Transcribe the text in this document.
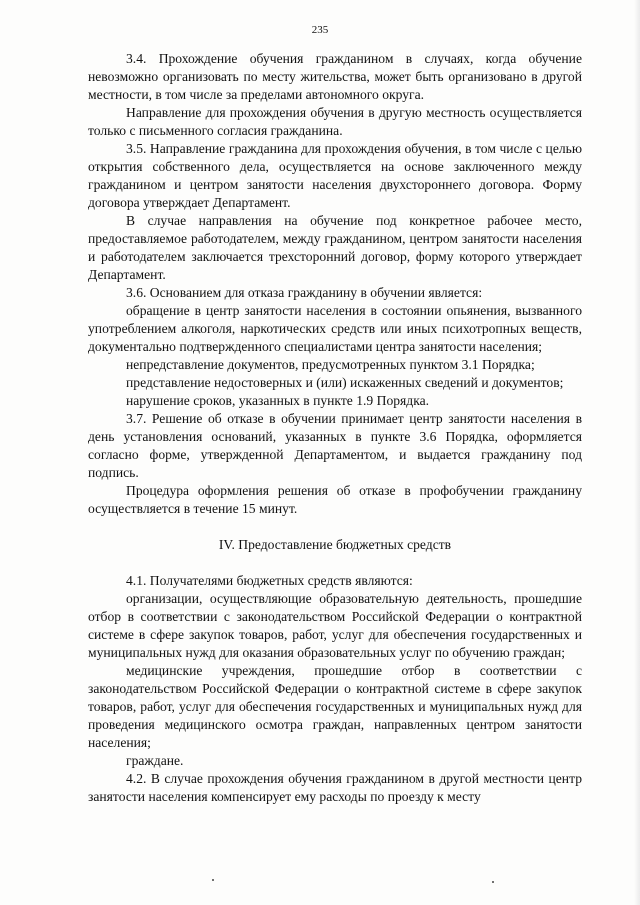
235

3.4. Прохождение обучения гражданином в случаях, когда обучение невозможно организовать по месту жительства, может быть организовано в другой местности, в том числе за пределами автономного округа.

Направление для прохождения обучения в другую местность осуществляется только с письменного согласия гражданина.

3.5. Направление гражданина для прохождения обучения, в том числе с целью открытия собственного дела, осуществляется на основе заключенного между гражданином и центром занятости населения двухстороннего договора. Форму договора утверждает Департамент.

В случае направления на обучение под конкретное рабочее место, предоставляемое работодателем, между гражданином, центром занятости населения и работодателем заключается трехсторонний договор, форму которого утверждает Департамент.

3.6. Основанием для отказа гражданину в обучении является:

обращение в центр занятости населения в состоянии опьянения, вызванного употреблением алкоголя, наркотических средств или иных психотропных веществ, документально подтвержденного специалистами центра занятости населения;

непредставление документов, предусмотренных пунктом 3.1 Порядка;

представление недостоверных и (или) искаженных сведений и документов;

нарушение сроков, указанных в пункте 1.9 Порядка.

3.7. Решение об отказе в обучении принимает центр занятости населения в день установления оснований, указанных в пункте 3.6 Порядка, оформляется согласно форме, утвержденной Департаментом, и выдается гражданину под подпись.

Процедура оформления решения об отказе в профобучении гражданину осуществляется в течение 15 минут.

IV. Предоставление бюджетных средств

4.1. Получателями бюджетных средств являются:

организации, осуществляющие образовательную деятельность, прошедшие отбор в соответствии с законодательством Российской Федерации о контрактной системе в сфере закупок товаров, работ, услуг для обеспечения государственных и муниципальных нужд для оказания образовательных услуг по обучению граждан;

медицинские учреждения, прошедшие отбор в соответствии с законодательством Российской Федерации о контрактной системе в сфере закупок товаров, работ, услуг для обеспечения государственных и муниципальных нужд для проведения медицинского осмотра граждан, направленных центром занятости населения;

граждане.

4.2. В случае прохождения обучения гражданином в другой местности центр занятости населения компенсирует ему расходы по проезду к месту
